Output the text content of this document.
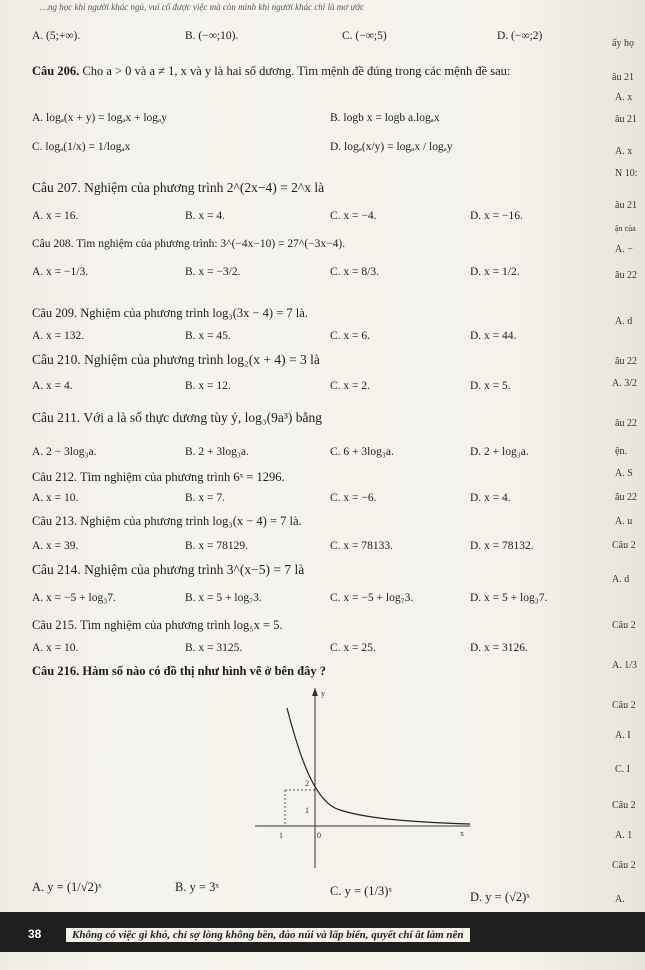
…ng học khi người khác ngủ, vui cố được việc mà còn mình khi người khác chỉ là mơ ước
A. (5;+∞).	B. (−∞;10).	C. (−∞;5)	D. (−∞;2)
Câu 206. Cho a > 0 và a ≠ 1, x và y là hai số dương. Tìm mệnh đề đúng trong các mệnh đề sau:
A. logₐ(x + y) = logₐx + logₐy	B. logb x = logb a.logₐx
C. logₐ(1/x) = 1/logₐx	D. logₐ(x/y) = logₐx / logₐy
Câu 207. Nghiệm của phương trình 2^(2x−4) = 2^x là
A. x = 16.	B. x = 4.	C. x = −4.	D. x = −16.
Câu 208. Tìm nghiệm của phương trình: 3^(−4x−10) = 27^(−3x−4).
A. x = −1/3.	B. x = −3/2.	C. x = 8/3.	D. x = 1/2.
Câu 209. Nghiệm của phương trình log₃(3x − 4) = 7 là.
A. x = 132.	B. x = 45.	C. x = 6.	D. x = 44.
Câu 210. Nghiệm của phương trình log₂(x + 4) = 3 là
A. x = 4.	B. x = 12.	C. x = 2.	D. x = 5.
Câu 211. Với a là số thực dương tùy ý, log₃(9a³) bằng
A. 2 − 3log₃a.	B. 2 + 3log₃a.	C. 6 + 3log₃a.	D. 2 + log₃a.
Câu 212. Tìm nghiệm của phương trình 6ˣ = 1296.
A. x = 10.	B. x = 7.	C. x = −6.	D. x = 4.
Câu 213. Nghiệm của phương trình log₃(x − 4) = 7 là.
A. x = 39.	B. x = 78129.	C. x = 78133.	D. x = 78132.
Câu 214. Nghiệm của phương trình 3^(x−5) = 7 là
A. x = −5 + log₃7.	B. x = 5 + log₇3.	C. x = −5 + log₇3.	D. x = 5 + log₃7.
Câu 215. Tìm nghiệm của phương trình log₅x = 5.
A. x = 10.	B. x = 3125.	C. x = 25.	D. x = 3126.
Câu 216. Hàm số nào có đồ thị như hình vẽ ở bên đây ?
1	0
2
1
x
y
A. y = (1/√2)ˣ	B. y = 3ˣ	C. y = (1/3)ˣ	D. y = (√2)ˣ
ấy họ
âu 21
A. x
âu 21
A. x
N 10:
âu 21
ận của
A. −
âu 22
A. d
âu 22
A. 3/2
âu 22
ện.
A. S
âu 22
A. u
Câu 2
A. d
Câu 2
A. 1/3
Câu 2
A. I
C. I
Câu 2
A. 1
Câu 2
A.
38	Không có việc gì khó, chỉ sợ lòng không bền, đào núi và lấp biển, quyết chí ắt làm nên
